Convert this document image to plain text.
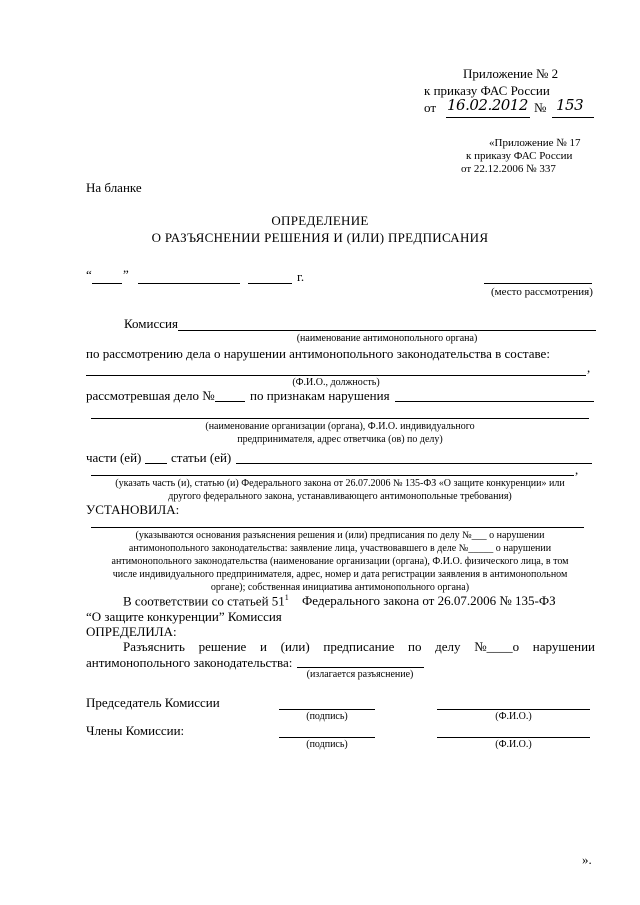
Приложение № 2
к приказу ФАС России
от 16.02.2012 № 153
«Приложение № 17
к приказу ФАС России
от 22.12.2006 № 337
На бланке
ОПРЕДЕЛЕНИЕ
О РАЗЪЯСНЕНИИ РЕШЕНИЯ И (ИЛИ) ПРЕДПИСАНИЯ
“ ”	г.
(место рассмотрения)
Комиссия
(наименование антимонопольного органа)
по рассмотрению дела о нарушении антимонопольного законодательства в составе:
,
(Ф.И.О., должность)
рассмотревшая дело №	по признакам нарушения
(наименование организации (органа), Ф.И.О. индивидуального
предпринимателя, адрес ответчика (ов) по делу)
части (ей) статьи (ей)
,
(указать часть (и), статью (и) Федерального закона от 26.07.2006 № 135-ФЗ «О защите конкуренции» или
другого федерального закона, устанавливающего антимонопольные требования)
УСТАНОВИЛА:
(указываются основания разъяснения решения и (или) предписания по делу №___ о нарушении
антимонопольного законодательства: заявление лица, участвовавшего в деле №_____ о нарушении
антимонопольного законодательства (наименование организации (органа), Ф.И.О. физического лица, в том
числе индивидуального предпринимателя, адрес, номер и дата регистрации заявления в антимонопольном
органе); собственная инициатива антимонопольного органа)
В соответствии со статьей $51^1$ Федерального закона от 26.07.2006 № 135-ФЗ
“О защите конкуренции” Комиссия
ОПРЕДЕЛИЛА:
Разъяснить решение и (или) предписание по делу №____о нарушении
антимонопольного законодательства:
(излагается разъяснение)
Председатель Комиссии
(подпись)	(Ф.И.О.)
Члены Комиссии:
(подпись)	(Ф.И.О.)
».
